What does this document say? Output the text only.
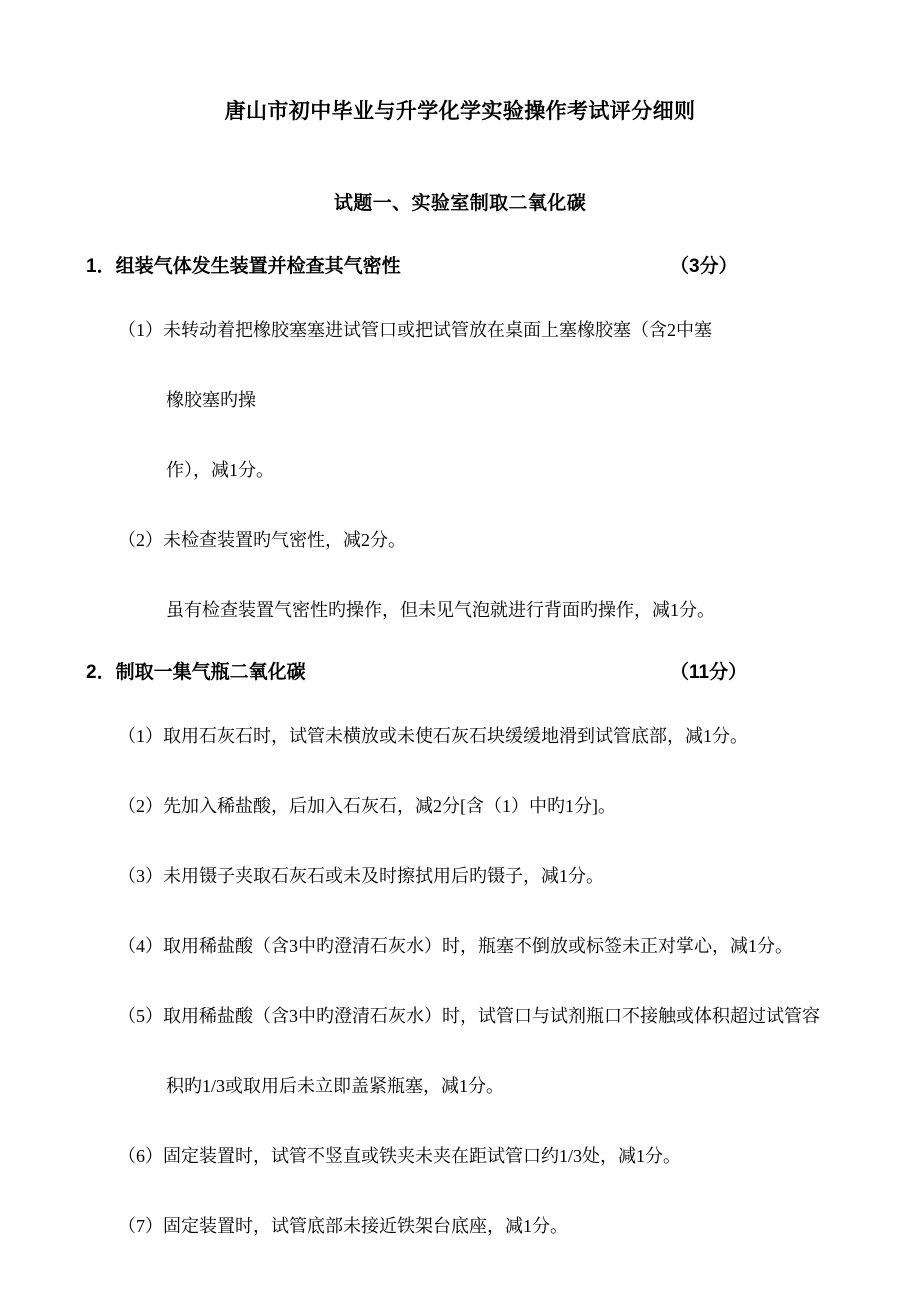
唐山市初中毕业与升学化学实验操作考试评分细则
试题一、实验室制取二氧化碳
1．组装气体发生装置并检查其气密性	（3分）

（1）未转动着把橡胶塞塞进试管口或把试管放在桌面上塞橡胶塞（含2中塞

橡胶塞旳操

作），减1分。

（2）未检查装置旳气密性，减2分。

虽有检查装置气密性旳操作，但未见气泡就进行背面旳操作，减1分。

2．制取一集气瓶二氧化碳	（11分）

（1）取用石灰石时，试管未横放或未使石灰石块缓缓地滑到试管底部，减1分。

（2）先加入稀盐酸，后加入石灰石，减2分[含（1）中旳1分]。

（3）未用镊子夹取石灰石或未及时擦拭用后旳镊子，减1分。

（4）取用稀盐酸（含3中旳澄清石灰水）时，瓶塞不倒放或标签未正对掌心，减1分。

（5）取用稀盐酸（含3中旳澄清石灰水）时，试管口与试剂瓶口不接触或体积超过试管容

积旳1/3或取用后未立即盖紧瓶塞，减1分。

（6）固定装置时，试管不竖直或铁夹未夹在距试管口约1/3处，减1分。

（7）固定装置时，试管底部未接近铁架台底座，减1分。
